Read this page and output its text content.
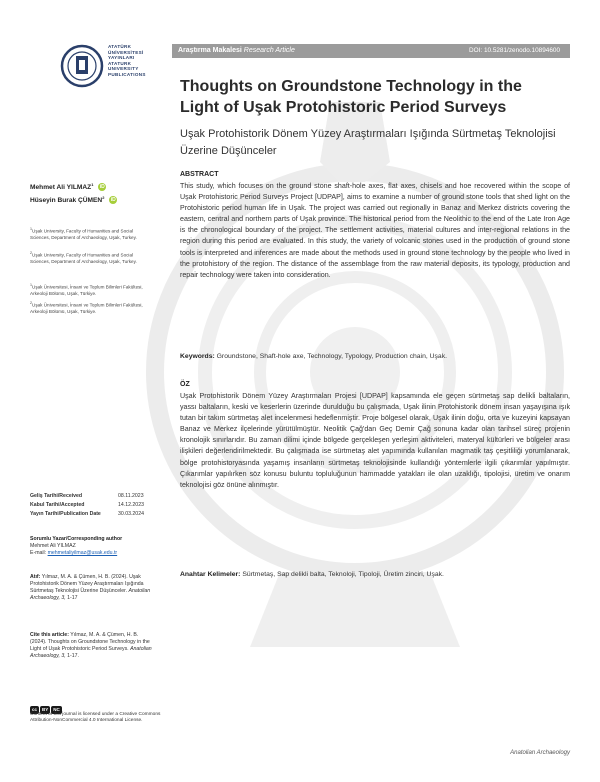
ATATÜRK
ÜNİVERSİTESİ
YAYINLARI
ATATURK
UNIVERSITY
PUBLICATIONS
Araştırma Makalesi Research Article	DOI: 10.5281/zenodo.10894600
Thoughts on Groundstone Technology in the Light of Uşak Protohistoric Period Surveys
Uşak Protohistorik Dönem Yüzey Araştırmaları Işığında Sürtmetaş Teknolojisi Üzerine Düşünceler
Mehmet Ali YILMAZ$^1$ iD
Hüseyin Burak ÇÜMEN$^2$ iD
$^1$Uşak University, Faculty of Humanities and Social Sciences, Department of Archaeology, Uşak, Turkey.
$^2$Uşak University, Faculty of Humanities and Social Sciences, Department of Archaeology, Uşak, Turkey.
$^1$Uşak Üniversitesi, İnsani ve Toplum Bilimleri Fakültesi, Arkeoloji Bölümü, Uşak, Türkiye.
$^2$Uşak Üniversitesi, İnsani ve Toplum Bilimleri Fakültesi, Arkeoloji Bölümü, Uşak, Türkiye.
Geliş Tarihi/Received	08.11.2023
Kabul Tarihi/Accepted	14.12.2023
Yayın Tarihi/Publication Date	30.03.2024
Sorumlu Yazar/Corresponding author
Mehmet Ali YILMAZ
E-mail: mehmetaliyilmaz@usak.edu.tr
Atıf: Yılmaz, M. A. & Çümen, H. B. (2024). Uşak Protohistorik Dönem Yüzey Araştırmaları Işığında Sürtmetaş Teknolojisi Üzerine Düşünceler. Anatolian Archaeology, 3, 1-17
Cite this article: Yılmaz, M. A. & Çümen, H. B. (2024). Thoughts on Groundstone Technology in the Light of Uşak Protohistoric Period Surveys. Anatolian Archaeology, 3, 1-17.
cc BY NC
Content of this journal is licensed under a Creative Commons Attribution-NonCommercial 4.0 International License.
ABSTRACT
This study, which focuses on the ground stone shaft-hole axes, flat axes, chisels and hoe recovered within the scope of Uşak Protohistoric Period Surveys Project [UDPAP], aims to examine a number of ground stone tools that shed light on the Protohistoric period human life in Uşak. The project was carried out regionally in Banaz and Merkez districts covering the eastern, central and northern parts of Uşak province. The historical period from the Neolithic to the end of the Late Iron Age is the chronological boundary of the project. The settlement activities, material cultures and inter-regional relations in the region during this period are evaluated. In this study, the variety of volcanic stones used in the production of ground stone tools is interpreted and inferences are made about the methods used in ground stone technology by the people who lived in the protohistory of the region. The distance of the assemblage from the raw material deposits, its typology, production and repair technology were taken into consideration.
Keywords: Groundstone, Shaft-hole axe, Technology, Typology, Production chain, Uşak.
ÖZ
Uşak Protohistorik Dönem Yüzey Araştırmaları Projesi [UDPAP] kapsamında ele geçen sürtmetaş sap delikli baltaların, yassı baltaların, keski ve keserlerin üzerinde durulduğu bu çalışmada, Uşak ilinin Protohistorik dönem insan yaşayışına ışık tutan bir takım sürtmetaş alet incelenmesi hedeflenmiştir. Proje bölgesel olarak, Uşak ilinin doğu, orta ve kuzeyini kapsayan Banaz ve Merkez ilçelerinde yürütülmüştür. Neolitik Çağ'dan Geç Demir Çağ sonuna kadar olan tarihsel süreç projenin kronolojik sınırlarıdır. Bu zaman dilimi içinde bölgede gerçekleşen yerleşim aktiviteleri, materyal kültürleri ve bölgeler arası ilişkileri değerlendirilmektedir. Bu çalışmada ise sürtmetaş alet yapımında kullanılan magmatik taş çeşitliliği yorumlanarak, bölge protohistoryasında yaşamış insanların sürtmetaş teknolojisinde kullandığı yöntemlerle ilgili çıkarımlar yapılmıştır. Çıkarımlar yapılırken söz konusu buluntu topluluğunun hammadde yatakları ile olan uzaklığı, tipolojisi, üretim ve onarım teknolojisi göz önüne alınmıştır.
Anahtar Kelimeler: Sürtmetaş, Sap delikli balta, Teknoloji, Tipoloji, Üretim zinciri, Uşak.
Anatolian Archaeology
